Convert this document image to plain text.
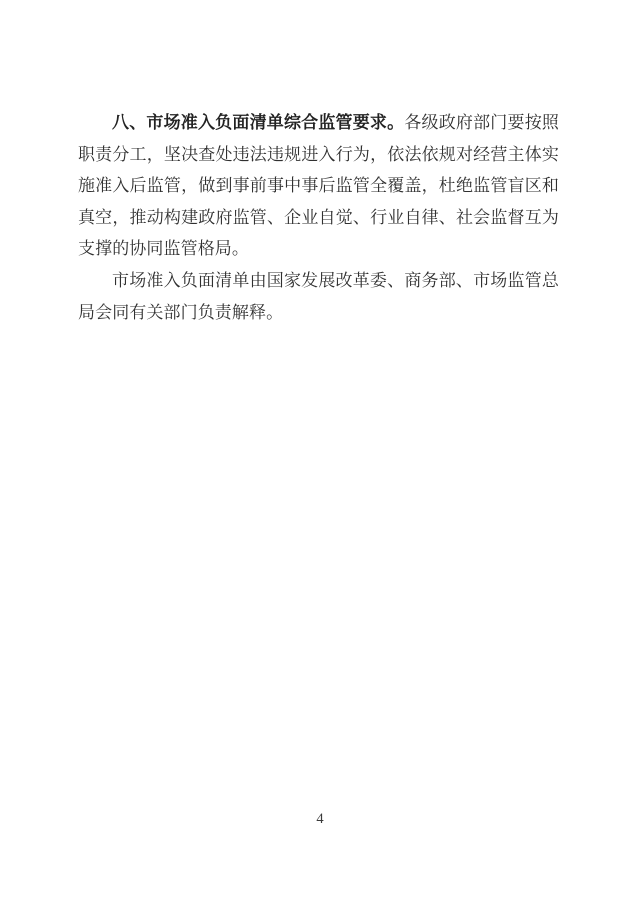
八、市场准入负面清单综合监管要求。各级政府部门要按照
职责分工，坚决查处违法违规进入行为，依法依规对经营主体实
施准入后监管，做到事前事中事后监管全覆盖，杜绝监管盲区和
真空，推动构建政府监管、企业自觉、行业自律、社会监督互为
支撑的协同监管格局。
市场准入负面清单由国家发展改革委、商务部、市场监管总
局会同有关部门负责解释。
4
